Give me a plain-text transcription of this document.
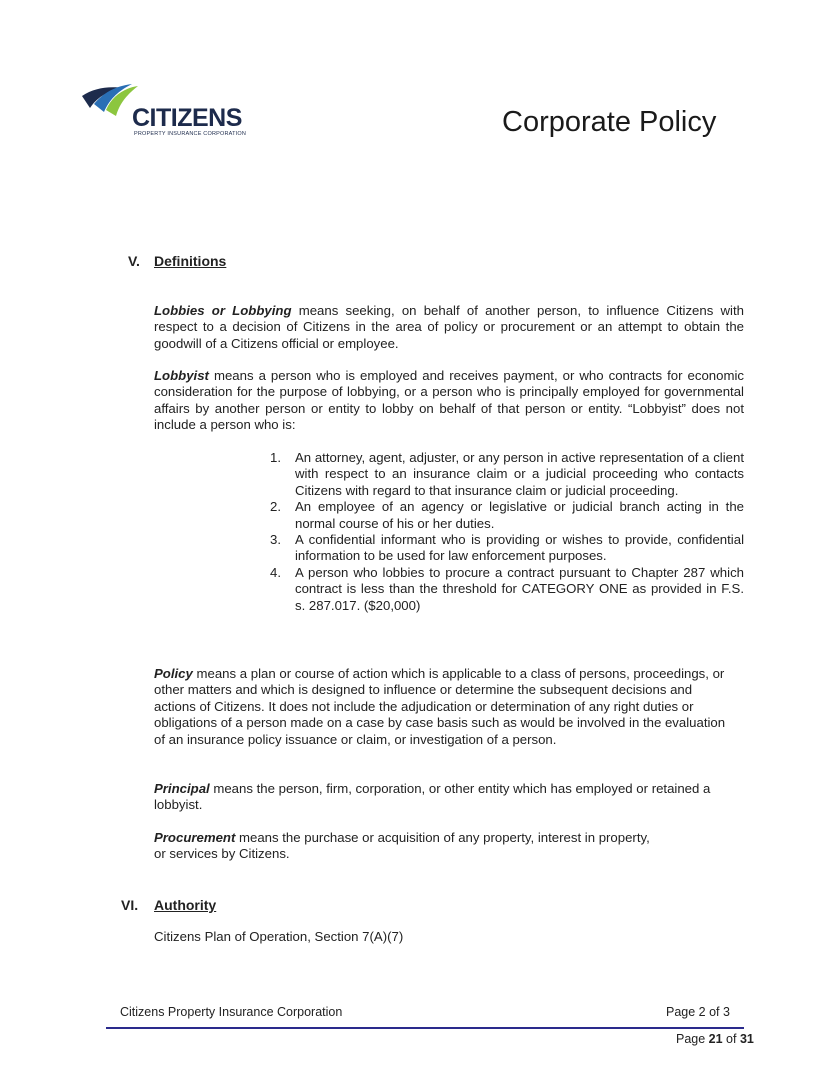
CITIZENS
PROPERTY INSURANCE CORPORATION	Corporate Policy
V. Definitions
Lobbies or Lobbying means seeking, on behalf of another person, to influence Citizens with respect to a decision of Citizens in the area of policy or procurement or an attempt to obtain the goodwill of a Citizens official or employee.
Lobbyist means a person who is employed and receives payment, or who contracts for economic consideration for the purpose of lobbying, or a person who is principally employed for governmental affairs by another person or entity to lobby on behalf of that person or entity. “Lobbyist” does not include a person who is:
1. An attorney, agent, adjuster, or any person in active representation of a client with respect to an insurance claim or a judicial proceeding who contacts Citizens with regard to that insurance claim or judicial proceeding.
2. An employee of an agency or legislative or judicial branch acting in the normal course of his or her duties.
3. A confidential informant who is providing or wishes to provide, confidential information to be used for law enforcement purposes.
4. A person who lobbies to procure a contract pursuant to Chapter 287 which contract is less than the threshold for CATEGORY ONE as provided in F.S. s. 287.017. ($20,000)
Policy means a plan or course of action which is applicable to a class of persons, proceedings, or other matters and which is designed to influence or determine the subsequent decisions and actions of Citizens. It does not include the adjudication or determination of any right duties or obligations of a person made on a case by case basis such as would be involved in the evaluation of an insurance policy issuance or claim, or investigation of a person.
Principal means the person, firm, corporation, or other entity which has employed or retained a lobbyist.
Procurement means the purchase or acquisition of any property, interest in property, or services by Citizens.
VI. Authority
Citizens Plan of Operation, Section 7(A)(7)
Citizens Property Insurance Corporation	Page 2 of 3
Page 21 of 31
